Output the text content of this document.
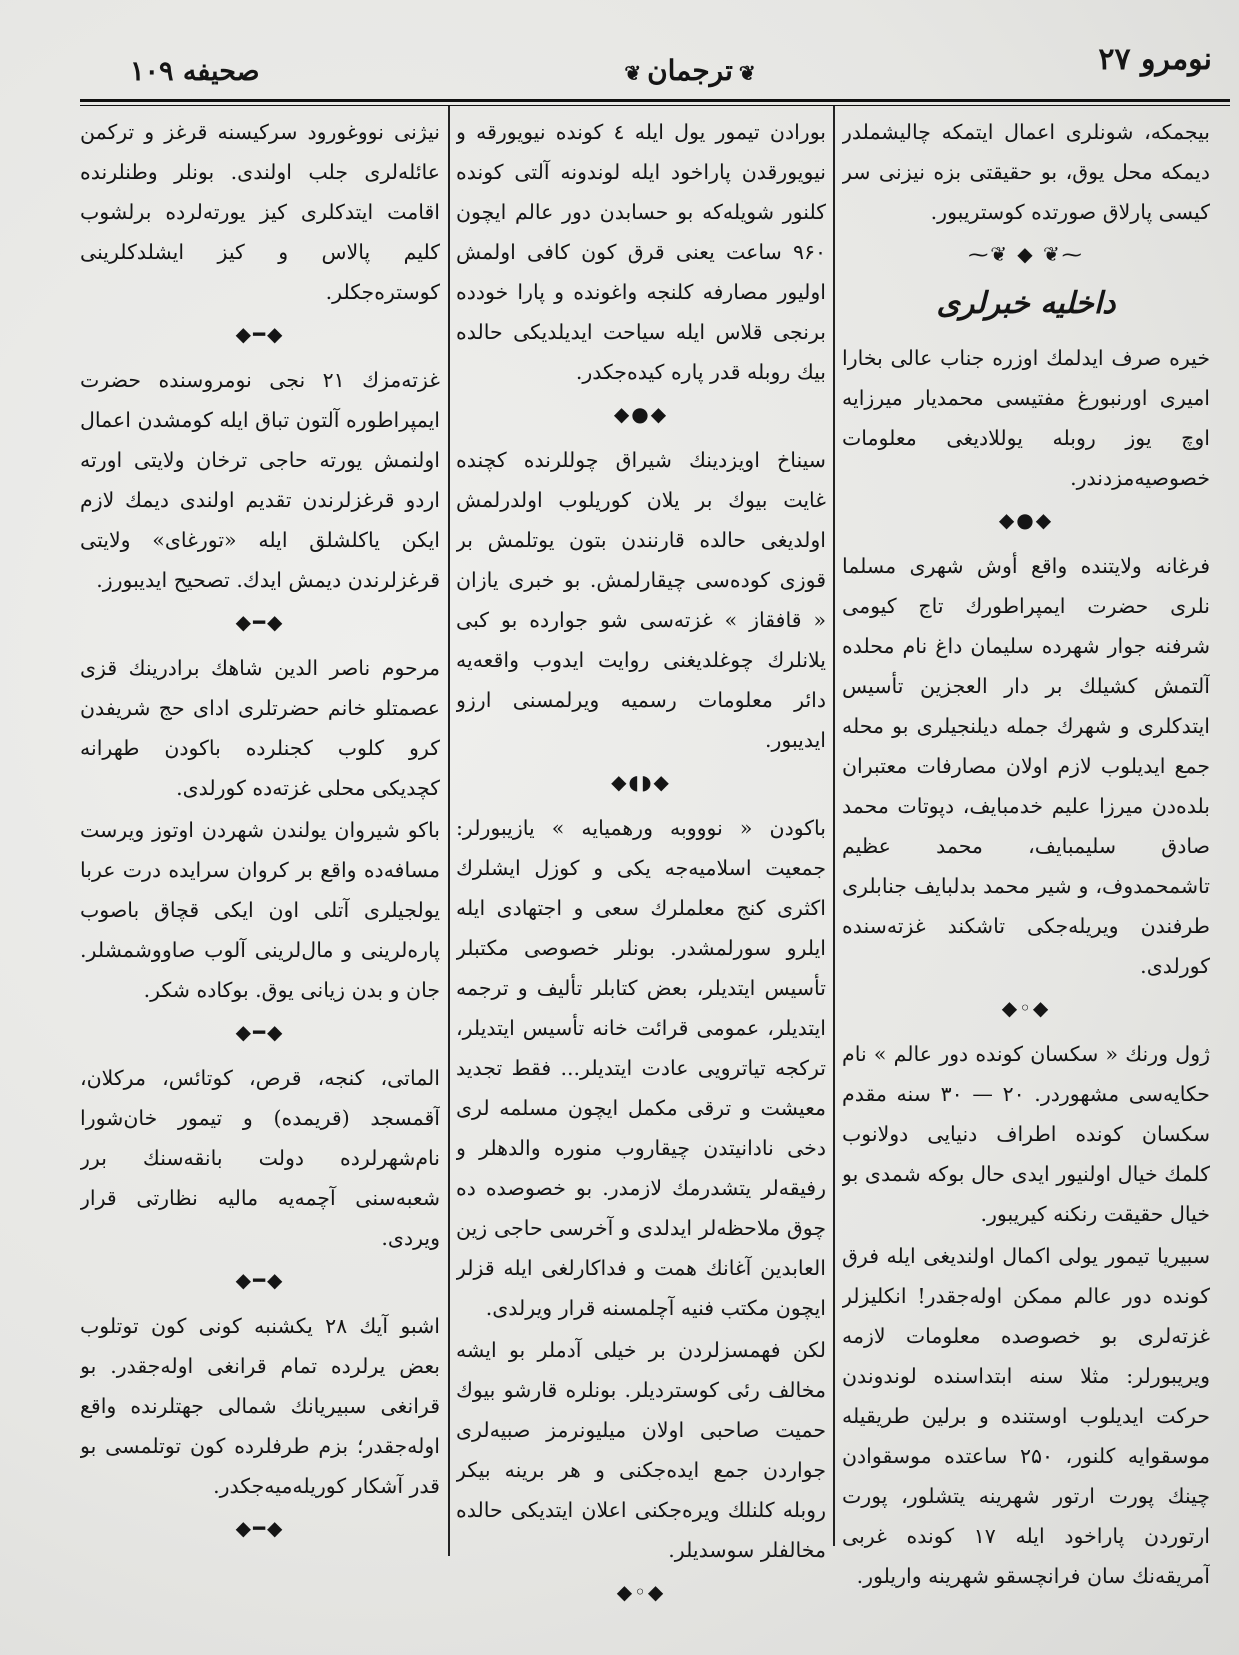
نومرو ۲۷
❦ترجمان❦
صحیفه ۱۰۹

بیجمکه، شونلری اعمال ایتمکه چالیشملدر دیمکه محل یوق، بو حقیقتی بزه نیزنی سر کیسی پارلاق صورتده کوستریبور.

⁓❦ ◆ ❦⁓
داخلیه خبرلری

خیره صرف ایدلمك اوزره جناب عالی بخارا امیری اورنبورغ مفتیسی محمدیار میرزایه اوچ یوز روبله یوللادیغی معلومات خصوصیه‌مزدندر.

◆●◆

فرغانه ولایتنده واقع أوش شهری مسلما نلری حضرت ایمپراطورك تاج کیومی شرفنه جوار شهرده سلیمان داغ نام محلده آلتمش کشیلك بر دار العجزین تأسیس ایتدکلری و شهرك جمله دیلنجیلری بو محله جمع ایدیلوب لازم اولان مصارفات معتبران بلده‌دن میرزا علیم خدمبایف، دپوتات محمد صادق سلیمبایف، محمد عظیم تاشمحمدوف، و شیر محمد بدلبایف جنابلری طرفندن ویریله‌جکی تاشکند غزته‌سنده کورلدی.

◆◦◆

ژول ورنك « سکسان کونده دور عالم » نام حکایه‌سی مشهوردر. ۲۰ — ۳۰ سنه مقدم سکسان کونده اطراف دنیایی دولانوب کلمك خیال اولنیور ایدی حال بوکه شمدی بو خیال حقیقت رنکنه کیریبور.

سبیریا تیمور یولی اکمال اولندیغی ایله فرق کونده دور عالم ممکن اوله‌جقدر! انکلیزلر غزته‌لری بو خصوصده معلومات لازمه ویریبورلر: مثلا سنه ابتداسنده لوندوندن حرکت ایدیلوب اوستنده و برلین طریقیله موسقوایه کلنور، ۲۵۰ ساعتده موسقوادن چینك پورت ارتور شهرینه یتشلور، پورت ارتوردن پاراخود ایله ۱۷ کونده غربی آمریقه‌نك سان فرانچسقو شهرینه واریلور.

بورادن تیمور یول ایله ٤ کونده نیویورقه و نیویورقدن پاراخود ایله لوندونه آلتی کونده کلنور شویله‌که بو حسابدن دور عالم ایچون ۹۶۰ ساعت یعنی قرق کون کافی اولمش اولیور مصارفه کلنجه واغونده و پارا خودده برنجی قلاس ایله سیاحت ایدیلدیکی حالده بیك روبله قدر پاره کیده‌جکدر.

◆●◆

سیناخ اویزدینك شیراق چوللرنده کچنده غایت بیوك بر یلان کوریلوب اولدرلمش اولدیغی حالده قارنندن بتون یوتلمش بر قوزی کوده‌سی چیقارلمش. بو خبری یازان « قافقاز » غزته‌سی شو جوارده بو کبی یلانلرك چوغلدیغنی روایت ایدوب واقعه‌یه دائر معلومات رسمیه ویرلمسنی ارزو ایدیبور.

◆◗◖◆

باکودن « نوووبه ورهمیایه » یازیبورلر: جمعیت اسلامیه‌جه یکی و کوزل ایشلرك اکثری کنج معلملرك سعی و اجتهادی ایله ایلرو سورلمشدر. بونلر خصوصی مکتبلر تأسیس ایتدیلر، بعض کتابلر تألیف و ترجمه ایتدیلر، عمومی قرائت خانه تأسیس ایتدیلر، ترکجه تیاترویی عادت ایتدیلر... فقط تجدید معیشت و ترقی مکمل ایچون مسلمه لری دخی نادانیتدن چیقاروب منوره والدهلر و رفیقه‌لر یتشدرمك لازمدر. بو خصوصده ده چوق ملاحظه‌لر ایدلدی و آخرسی حاجی زین العابدین آغانك همت و فداکارلغی ایله قزلر ایچون مکتب فنیه آچلمسنه قرار ویرلدی.

لکن فهمسزلردن بر خیلی آدملر بو ایشه مخالف رئی کوستردیلر. بونلره قارشو بیوك حمیت صاحبی اولان میلیونرمز صبیه‌لری جواردن جمع ایده‌جکنی و هر برینه بیکر روبله کلنلك ویره‌جکنی اعلان ایتدیکی حالده مخالفلر سوسدیلر.

◆◦◆

نیژنی نووغورود سرکیسنه قرغز و ترکمن عائله‌لری جلب اولندی. بونلر وطنلرنده اقامت ایتدکلری کیز یورته‌لرده برلشوب کلیم پالاس و کیز ایشلدکلرینی کوستره‌جکلر.

◆━◆

غزته‌مزك ۲۱ نجی نومروسنده حضرت ایمپراطوره آلتون تباق ایله کومشدن اعمال اولنمش یورته حاجی ترخان ولایتی اورته اردو قرغزلرندن تقدیم اولندی دیمك لازم ایکن یاکلشلق ایله «تورغای» ولایتی قرغزلرندن دیمش ایدك. تصحیح ایدیبورز.

◆━◆

مرحوم ناصر الدین شاهك برادرینك قزی عصمتلو خانم حضرتلری ادای حج شریفدن کرو کلوب کجنلرده باکودن طهرانه کچدیکی محلی غزته‌ده کورلدی.

باکو شیروان یولندن شهردن اوتوز ویرست مسافه‌ده واقع بر کروان سرایده درت عربا یولجیلری آتلی اون ایکی قچاق باصوب پاره‌لرینی و مال‌لرینی آلوب صاووشمشلر. جان و بدن زیانی یوق. بوکاده شکر.

◆━◆

الماتی، کنجه، قرص، کوتائس، مرکلان، آقمسجد (قریمده) و تیمور خان‌شورا نام‌شهرلرده دولت بانقه‌سنك برر شعبه‌سنی آچمه‌یه مالیه نظارتی قرار ویردی.

◆━◆

اشبو آیك ۲۸ یکشنبه کونی کون توتلوب بعض یرلرده تمام قرانغی اوله‌جقدر. بو قرانغی سبیریانك شمالی جهتلرنده واقع اوله‌جقدر؛ بزم طرفلرده کون توتلمسی بو قدر آشکار کوریله‌میه‌جکدر.

◆━◆
